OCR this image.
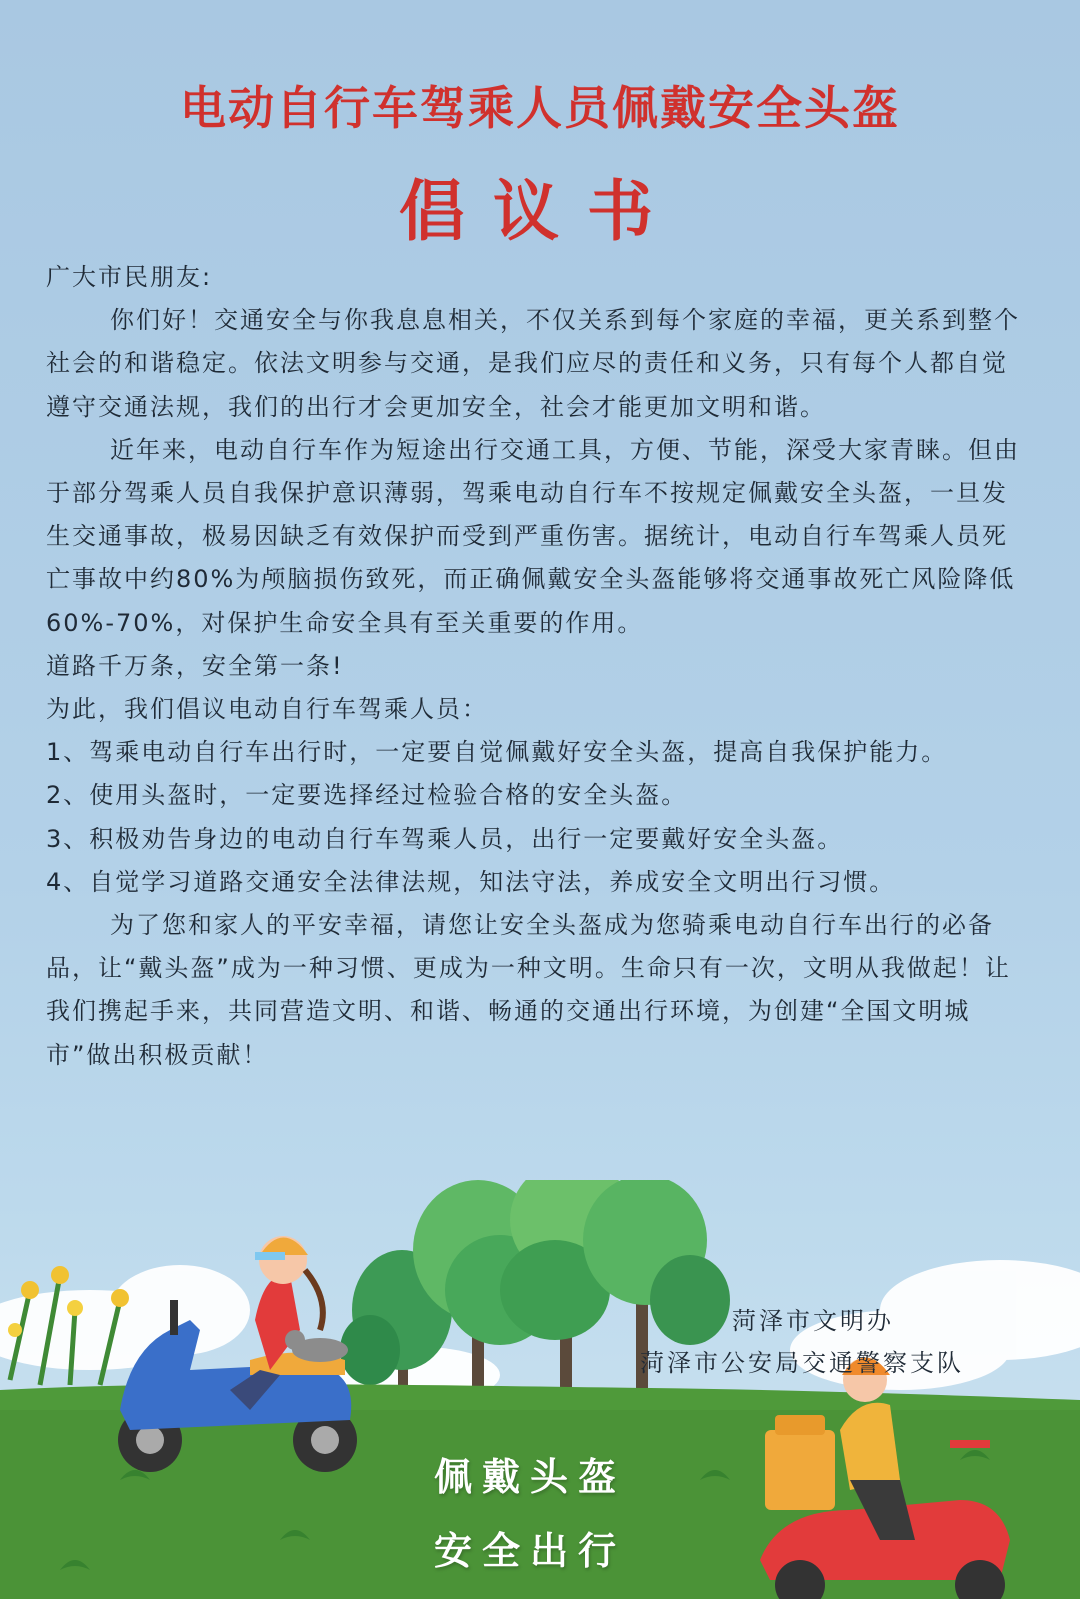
电动自行车驾乘人员佩戴安全头盔
倡议书

广大市民朋友:

你们好！交通安全与你我息息相关，不仅关系到每个家庭的幸福，更关系到整个社会的和谐稳定。依法文明参与交通，是我们应尽的责任和义务，只有每个人都自觉遵守交通法规，我们的出行才会更加安全，社会才能更加文明和谐。

近年来，电动自行车作为短途出行交通工具，方便、节能，深受大家青睐。但由于部分驾乘人员自我保护意识薄弱，驾乘电动自行车不按规定佩戴安全头盔，一旦发生交通事故，极易因缺乏有效保护而受到严重伤害。据统计，电动自行车驾乘人员死亡事故中约80%为颅脑损伤致死，而正确佩戴安全头盔能够将交通事故死亡风险降低60%-70%，对保护生命安全具有至关重要的作用。

道路千万条，安全第一条!

为此，我们倡议电动自行车驾乘人员：

1、驾乘电动自行车出行时，一定要自觉佩戴好安全头盔，提高自我保护能力。

2、使用头盔时，一定要选择经过检验合格的安全头盔。

3、积极劝告身边的电动自行车驾乘人员，出行一定要戴好安全头盔。

4、自觉学习道路交通安全法律法规，知法守法，养成安全文明出行习惯。

为了您和家人的平安幸福，请您让安全头盔成为您骑乘电动自行车出行的必备品，让“戴头盔”成为一种习惯、更成为一种文明。生命只有一次，文明从我做起！让我们携起手来，共同营造文明、和谐、畅通的交通出行环境，为创建“全国文明城市”做出积极贡献！

菏泽市文明办
菏泽市公安局交通警察支队
佩戴头盔
安全出行
